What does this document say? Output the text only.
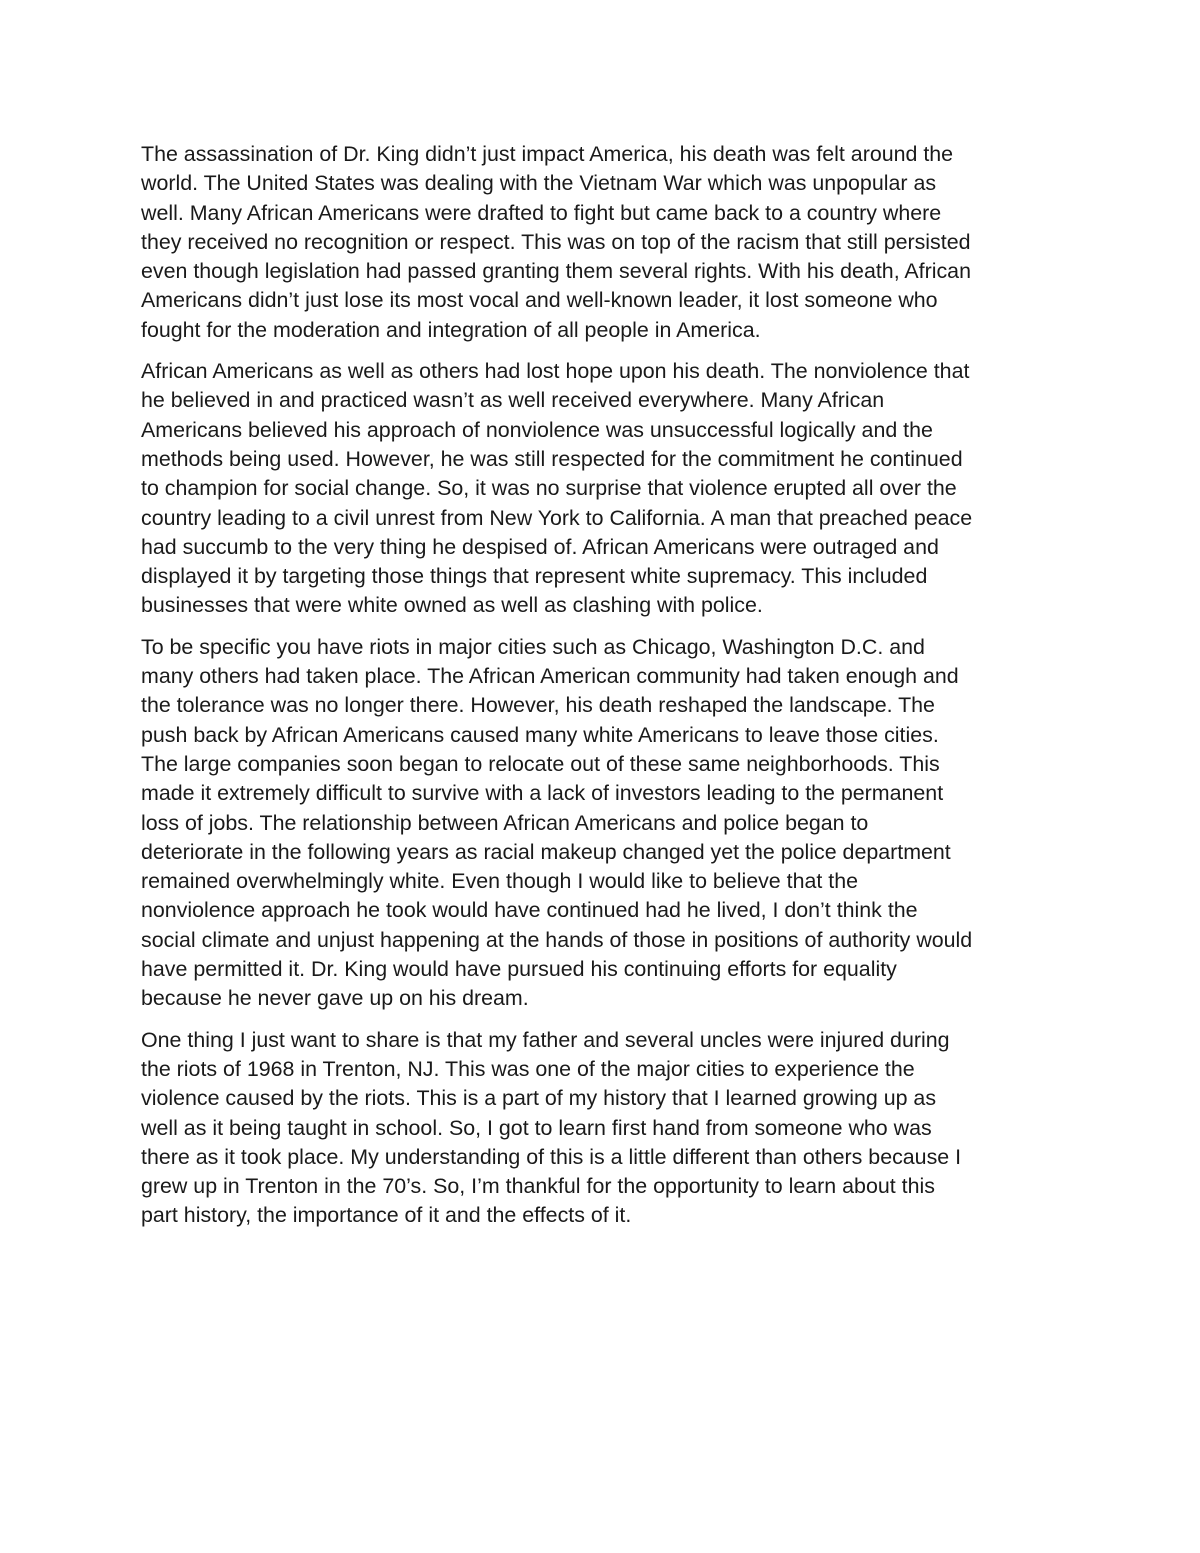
The assassination of Dr. King didn’t just impact America, his death was felt around the
world. The United States was dealing with the Vietnam War which was unpopular as
well. Many African Americans were drafted to fight but came back to a country where
they received no recognition or respect. This was on top of the racism that still persisted
even though legislation had passed granting them several rights. With his death, African
Americans didn’t just lose its most vocal and well-known leader, it lost someone who
fought for the moderation and integration of all people in America.

African Americans as well as others had lost hope upon his death. The nonviolence that
he believed in and practiced wasn’t as well received everywhere. Many African
Americans believed his approach of nonviolence was unsuccessful logically and the
methods being used. However, he was still respected for the commitment he continued
to champion for social change. So, it was no surprise that violence erupted all over the
country leading to a civil unrest from New York to California. A man that preached peace
had succumb to the very thing he despised of. African Americans were outraged and
displayed it by targeting those things that represent white supremacy. This included
businesses that were white owned as well as clashing with police.

To be specific you have riots in major cities such as Chicago, Washington D.C. and
many others had taken place. The African American community had taken enough and
the tolerance was no longer there. However, his death reshaped the landscape. The
push back by African Americans caused many white Americans to leave those cities.
The large companies soon began to relocate out of these same neighborhoods. This
made it extremely difficult to survive with a lack of investors leading to the permanent
loss of jobs. The relationship between African Americans and police began to
deteriorate in the following years as racial makeup changed yet the police department
remained overwhelmingly white. Even though I would like to believe that the
nonviolence approach he took would have continued had he lived, I don’t think the
social climate and unjust happening at the hands of those in positions of authority would
have permitted it. Dr. King would have pursued his continuing efforts for equality
because he never gave up on his dream.

One thing I just want to share is that my father and several uncles were injured during
the riots of 1968 in Trenton, NJ. This was one of the major cities to experience the
violence caused by the riots. This is a part of my history that I learned growing up as
well as it being taught in school. So, I got to learn first hand from someone who was
there as it took place. My understanding of this is a little different than others because I
grew up in Trenton in the 70’s. So, I’m thankful for the opportunity to learn about this
part history, the importance of it and the effects of it.
